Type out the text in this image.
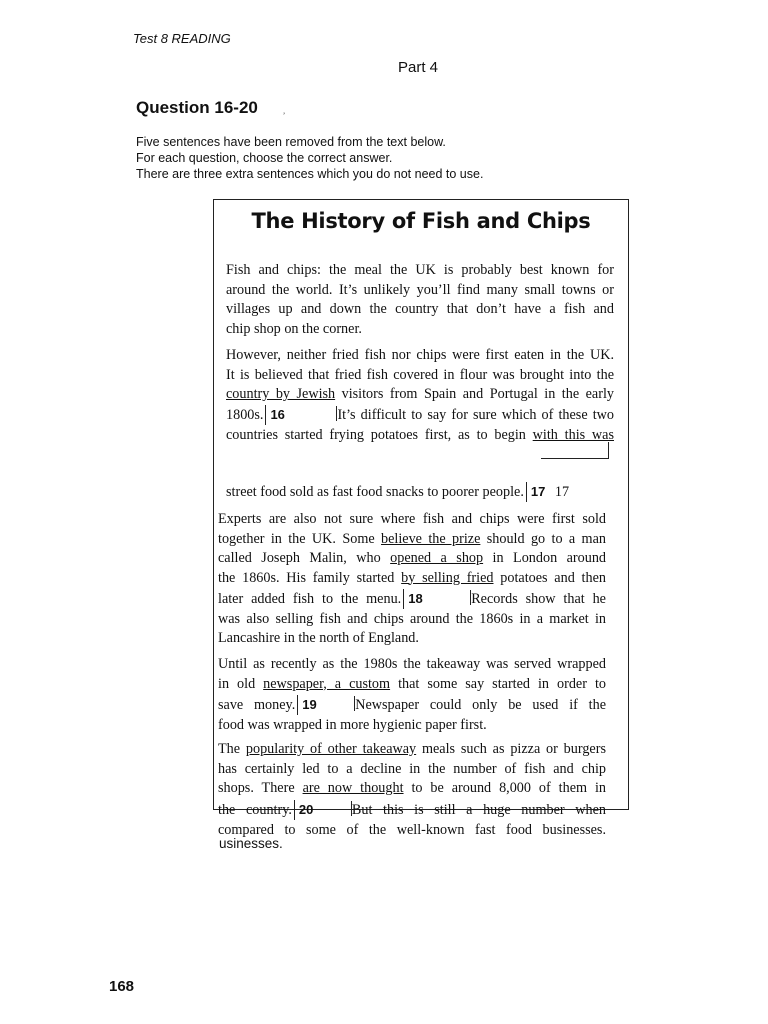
Test 8 READING
Part 4
Question 16-20
Five sentences have been removed from the text below.
For each question, choose the correct answer.
There are three extra sentences which you do not need to use.
The History of Fish and Chips
Fish and chips: the meal the UK is probably best known for
around the world. It’s unlikely you’ll find many small towns or
villages up and down the country that don’t have a fish and
chip shop on the corner.
However, neither fried fish nor chips were first eaten in the UK.
It is believed that fried fish covered in flour was brought into the
country by Jewish visitors from Spain and Portugal in the early
1800s. 16	It’s difficult to say for sure which of these two
countries started frying potatoes first, as to begin with this was
street food sold as fast food snacks to poorer people. 17 17
Experts are also not sure where fish and chips were first sold
together in the UK. Some believe the prize should go to a man
called Joseph Malin, who opened a shop in London around
the 1860s. His family started by selling fried potatoes and then
later added fish to the menu. 18	Records show that he
was also selling fish and chips around the 1860s in a market in
Lancashire in the north of England.
Until as recently as the 1980s the takeaway was served wrapped
in old newspaper, a custom that some say started in order to
save money. 19	Newspaper could only be used if the
food was wrapped in more hygienic paper first.
The popularity of other takeaway meals such as pizza or burgers
has certainly led to a decline in the number of fish and chip
shops. There are now thought to be around 8,000 of them in
the country. 20	But this is still a huge number when
compared to some of the well-known fast food businesses.
usinesses.
168
